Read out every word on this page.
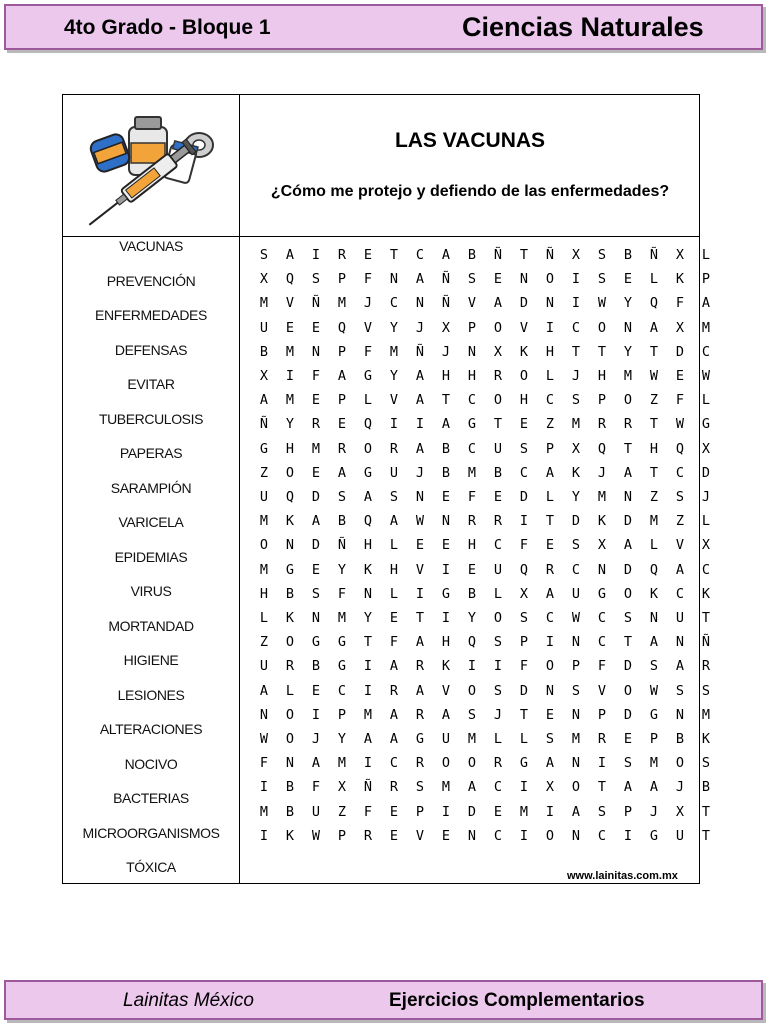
4to Grado - Bloque 1	Ciencias Naturales
LAS VACUNAS
¿Cómo me protejo y defiendo de las enfermedades?
VACUNAS
PREVENCIÓN
ENFERMEDADES
DEFENSAS
EVITAR
TUBERCULOSIS
PAPERAS
SARAMPIÓN
VARICELA
EPIDEMIAS
VIRUS
MORTANDAD
HIGIENE
LESIONES
ALTERACIONES
NOCIVO
BACTERIAS
MICROORGANISMOS
TÓXICA
S	A	I	R	E	T	C	A	B	Ñ	T	Ñ	X	S	B	Ñ	X	L
X	Q	S	P	F	N	A	Ñ	S	E	N	O	I	S	E	L	K	P
M	V	Ñ	M	J	C	N	Ñ	V	A	D	N	I	W	Y	Q	F	A
U	E	E	Q	V	Y	J	X	P	O	V	I	C	O	N	A	X	M
B	M	N	P	F	M	Ñ	J	N	X	K	H	T	T	Y	T	D	C
X	I	F	A	G	Y	A	H	H	R	O	L	J	H	M	W	E	W
A	M	E	P	L	V	A	T	C	O	H	C	S	P	O	Z	F	L
Ñ	Y	R	E	Q	I	I	A	G	T	E	Z	M	R	R	T	W	G
G	H	M	R	O	R	A	B	C	U	S	P	X	Q	T	H	Q	X
Z	O	E	A	G	U	J	B	M	B	C	A	K	J	A	T	C	D
U	Q	D	S	A	S	N	E	F	E	D	L	Y	M	N	Z	S	J
M	K	A	B	Q	A	W	N	R	R	I	T	D	K	D	M	Z	L
O	N	D	Ñ	H	L	E	E	H	C	F	E	S	X	A	L	V	X
M	G	E	Y	K	H	V	I	E	U	Q	R	C	N	D	Q	A	C
H	B	S	F	N	L	I	G	B	L	X	A	U	G	O	K	C	K
L	K	N	M	Y	E	T	I	Y	O	S	C	W	C	S	N	U	T
Z	O	G	G	T	F	A	H	Q	S	P	I	N	C	T	A	N	Ñ
U	R	B	G	I	A	R	K	I	I	F	O	P	F	D	S	A	R
A	L	E	C	I	R	A	V	O	S	D	N	S	V	O	W	S	S
N	O	I	P	M	A	R	A	S	J	T	E	N	P	D	G	N	M
W	O	J	Y	A	A	G	U	M	L	L	S	M	R	E	P	B	K
F	N	A	M	I	C	R	O	O	R	G	A	N	I	S	M	O	S
I	B	F	X	Ñ	R	S	M	A	C	I	X	O	T	A	A	J	B
M	B	U	Z	F	E	P	I	D	E	M	I	A	S	P	J	X	T
I	K	W	P	R	E	V	E	N	C	I	O	N	C	I	G	U	T
www.lainitas.com.mx
Lainitas México	Ejercicios Complementarios
